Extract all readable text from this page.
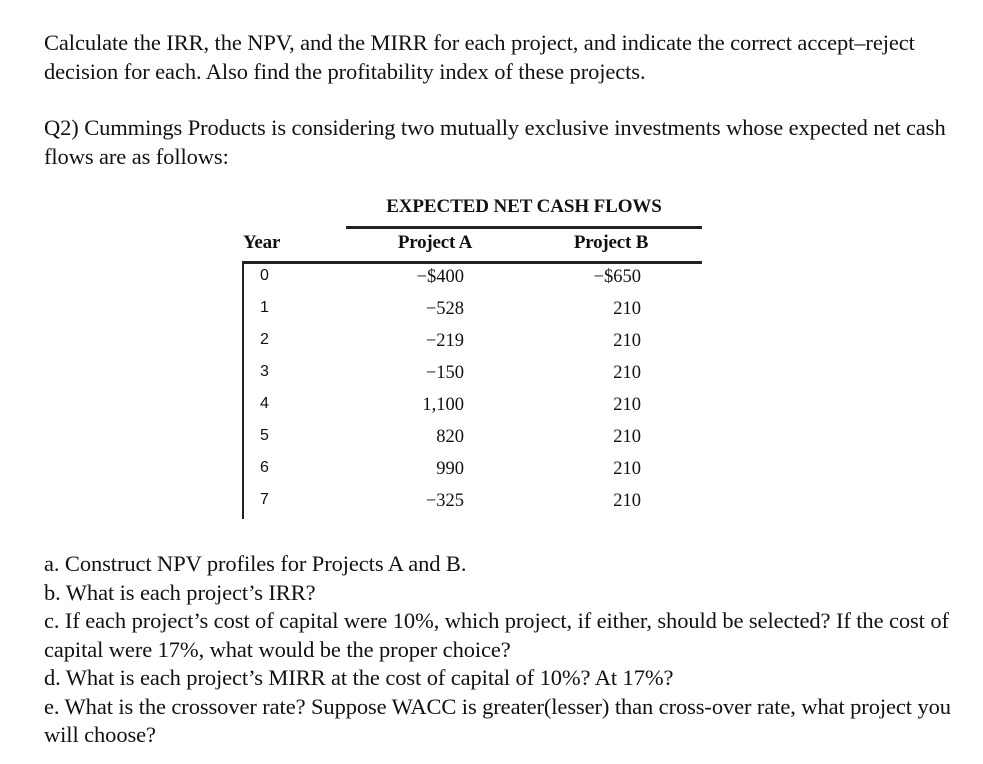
Calculate the IRR, the NPV, and the MIRR for each project, and indicate the correct accept–reject decision for each. Also find the profitability index of these projects.

Q2) Cummings Products is considering two mutually exclusive investments whose expected net cash flows are as follows:

EXPECTED NET CASH FLOWS
Year	Project A	Project B
0	−$400	−$650
1	−528	210
2	−219	210
3	−150	210
4	1,100	210
5	820	210
6	990	210
7	−325	210
a. Construct NPV profiles for Projects A and B.
b. What is each project’s IRR?
c. If each project’s cost of capital were 10%, which project, if either, should be selected? If the cost of capital were 17%, what would be the proper choice?
d. What is each project’s MIRR at the cost of capital of 10%? At 17%?
e. What is the crossover rate? Suppose WACC is greater(lesser) than cross-over rate, what project you will choose?
